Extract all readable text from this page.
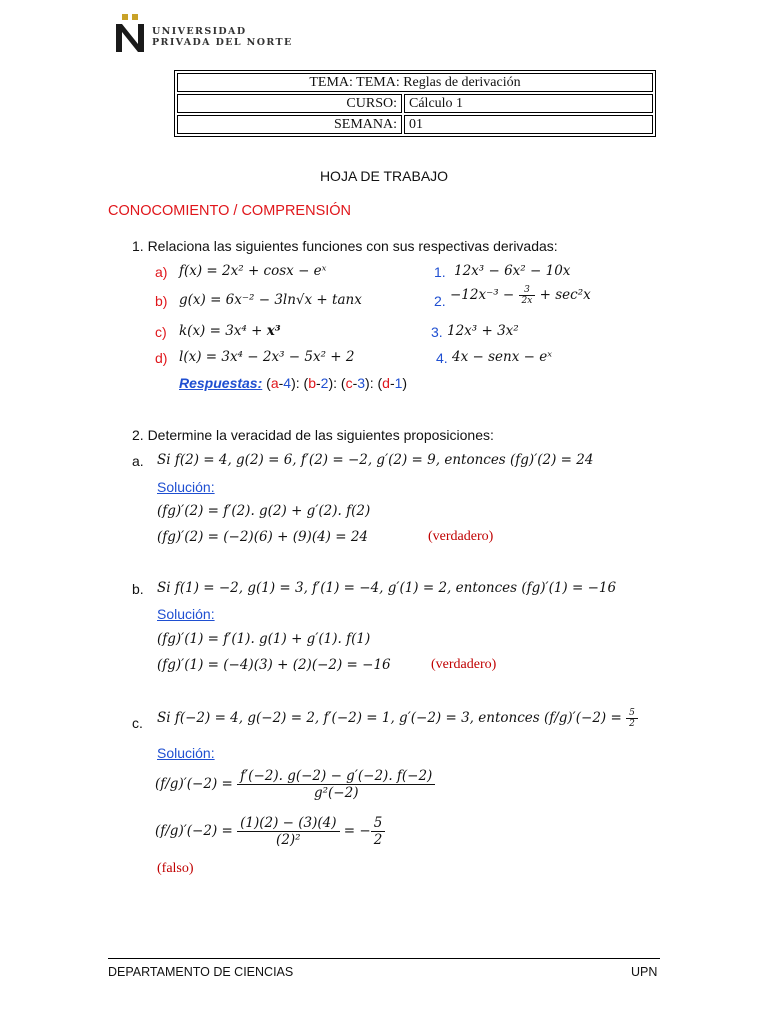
UNIVERSIDAD
PRIVADA DEL NORTE
TEMA: TEMA: Reglas de derivación
CURSO: Cálculo 1
SEMANA: 01
HOJA DE TRABAJO
CONOCOMIENTO / COMPRENSIÓN
1. Relaciona las siguientes funciones con sus respectivas derivadas:
a) f(x) = 2x² + cosx − eˣ	1. 12x³ − 6x² − 10x
b) g(x) = 6x⁻² − 3ln√x + tanx	2. $-12x^{-3} - \frac{3}{2x} + \sec^2x$
c) k(x) = 3x⁴ + x³	3. 12x³ + 3x²
d) l(x) = 3x⁴ − 2x³ − 5x² + 2	4. 4x − senx − eˣ
Respuestas: (a-4): (b-2): (c-3): (d-1)
2. Determine la veracidad de las siguientes proposiciones:
a. Si f(2) = 4, g(2) = 6, f′(2) = −2, g′(2) = 9, entonces (fg)′(2) = 24
Solución:
(fg)′(2) = f′(2). g(2) + g′(2). f(2)
(fg)′(2) = (−2)(6) + (9)(4) = 24	(verdadero)
b. Si f(1) = −2, g(1) = 3, f′(1) = −4, g′(1) = 2, entonces (fg)′(1) = −16
Solución:
(fg)′(1) = f′(1). g(1) + g′(1). f(1)
(fg)′(1) = (−4)(3) + (2)(−2) = −16	(verdadero)
c. Si f(−2) = 4, g(−2) = 2, f′(−2) = 1, g′(−2) = 3, entonces $(f/g)'(-2) = \frac{5}{2}$
Solución:
$(f/g)'(-2) = \frac{f'(-2). g(-2) - g'(-2). f(-2)}{\text{g²(−2)}}$
$(f/g)'(-2) = \frac{(1)(2) - (3)(4)}{\text{(2)²}}$ = − $\frac{5}{2}$
(falso)
DEPARTAMENTO DE CIENCIAS	UPN
